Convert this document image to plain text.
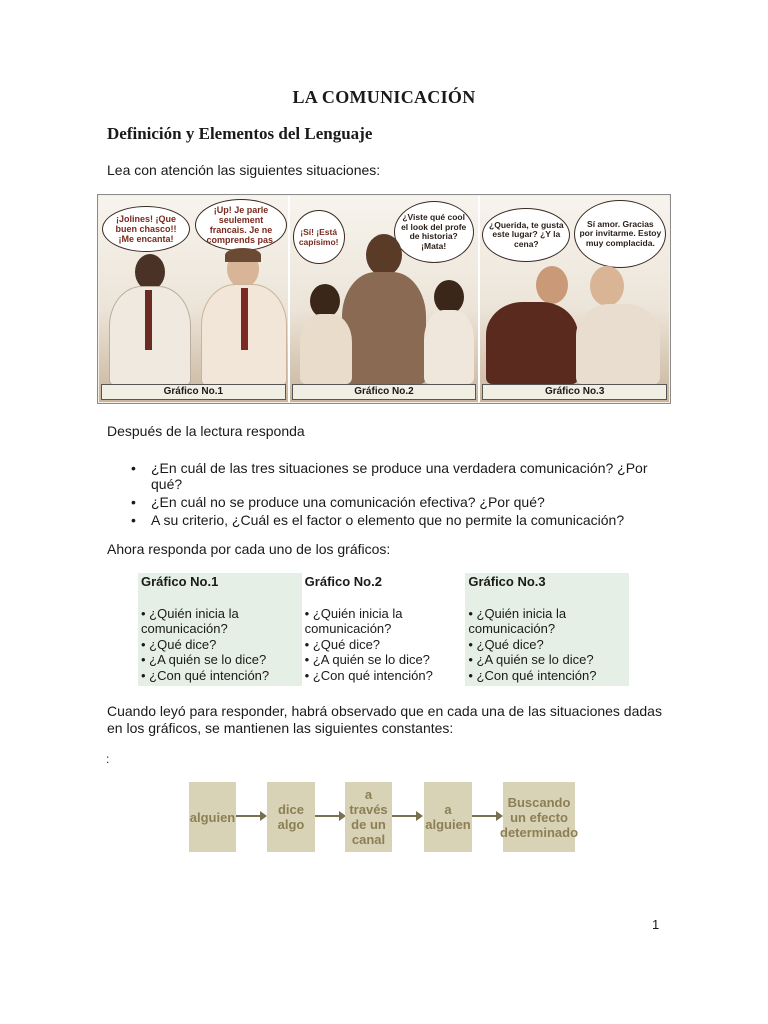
LA COMUNICACIÓN
Definición y Elementos del Lenguaje
Lea con atención las siguientes situaciones:
¡Jolines! ¡Que buen chasco!! ¡Me encanta!
¡Up! Je parle seulement francais. Je ne comprends pas.
Gráfico No.1
¡Sí! ¡Está capísimo!
¿Viste qué cool el look del profe de historia? ¡Mata!
Gráfico No.2
¿Querida, te gusta este lugar? ¿Y la cena?
Sí amor. Gracias por invitarme. Estoy muy complacida.
Gráfico No.3
Después de la lectura responda
• ¿En cuál de las tres situaciones se produce una verdadera comunicación? ¿Por qué?
• ¿En cuál no se produce una comunicación efectiva? ¿Por qué?
• A su criterio, ¿Cuál es el factor o elemento que no permite la comunicación?
Ahora responda por cada uno de los gráficos:
Gráfico No.1
• ¿Quién inicia la comunicación?
• ¿Qué dice?
• ¿A quién se lo dice?
• ¿Con qué intención?
Gráfico No.2
• ¿Quién inicia la comunicación?
• ¿Qué dice?
• ¿A quién se lo dice?
• ¿Con qué intención?
Gráfico No.3
• ¿Quién inicia la comunicación?
• ¿Qué dice?
• ¿A quién se lo dice?
• ¿Con qué intención?
Cuando leyó para responder, habrá observado que en cada una de las situaciones dadas en los gráficos, se mantienen las siguientes constantes:
:
alguien	dice algo
a través de un canal
a alguien
Buscando un efecto determinado
1
